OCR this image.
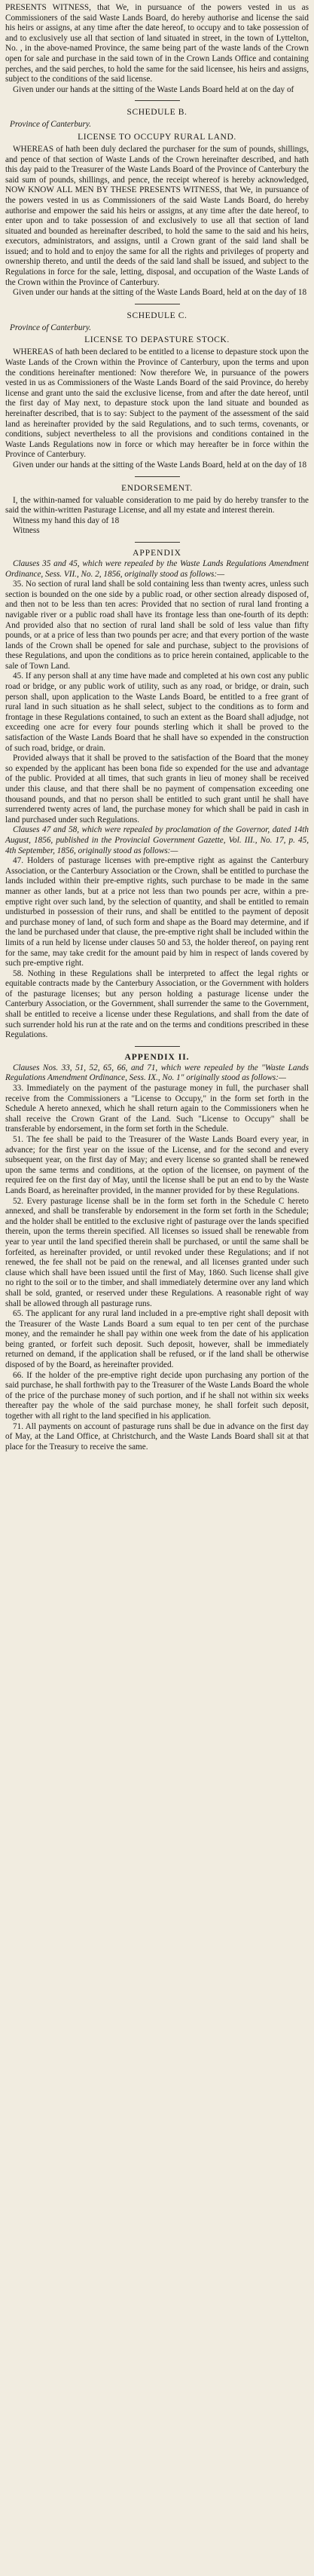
PRESENTS WITNESS, that We, in pursuance of the powers vested in us as Commissioners of the said Waste Lands Board, do hereby authorise and license the said his heirs or assigns, at any time after the date hereof, to occupy and to take possession of and to exclusively use all that section of land situated in street, in the town of Lyttelton, No. , in the above-named Province, the same being part of the waste lands of the Crown open for sale and purchase in the said town of in the Crown Lands Office and containing perches, and the said perches, to hold the same for the said licensee, his heirs and assigns, subject to the conditions of the said license.

Given under our hands at the sitting of the Waste Lands Board held at on the day of

SCHEDULE B.
Province of Canterbury.
LICENSE TO OCCUPY RURAL LAND.

WHEREAS of hath been duly declared the purchaser for the sum of pounds, shillings, and pence of that section of Waste Lands of the Crown hereinafter described, and hath this day paid to the Treasurer of the Waste Lands Board of the Province of Canterbury the said sum of pounds, shillings, and pence, the receipt whereof is hereby acknowledged, NOW KNOW ALL MEN BY THESE PRESENTS WITNESS, that We, in pursuance of the powers vested in us as Commissioners of the said Waste Lands Board, do hereby authorise and empower the said his heirs or assigns, at any time after the date hereof, to enter upon and to take possession of and exclusively to use all that section of land situated and bounded as hereinafter described, to hold the same to the said and his heirs, executors, administrators, and assigns, until a Crown grant of the said land shall be issued; and to hold and to enjoy the same for all the rights and privileges of property and ownership thereto, and until the deeds of the said land shall be issued, and subject to the Regulations in force for the sale, letting, disposal, and occupation of the Waste Lands of the Crown within the Province of Canterbury.

Given under our hands at the sitting of the Waste Lands Board, held at on the day of 18

SCHEDULE C.
Province of Canterbury.
LICENSE TO DEPASTURE STOCK.

WHEREAS of hath been declared to be entitled to a license to depasture stock upon the Waste Lands of the Crown within the Province of Canterbury, upon the terms and upon the conditions hereinafter mentioned: Now therefore We, in pursuance of the powers vested in us as Commissioners of the Waste Lands Board of the said Province, do hereby license and grant unto the said the exclusive license, from and after the date hereof, until the first day of May next, to depasture stock upon the land situate and bounded as hereinafter described, that is to say: Subject to the payment of the assessment of the said land as hereinafter provided by the said Regulations, and to such terms, covenants, or conditions, subject nevertheless to all the provisions and conditions contained in the Waste Lands Regulations now in force or which may hereafter be in force within the Province of Canterbury.

Given under our hands at the sitting of the Waste Lands Board, held at on the day of 18

ENDORSEMENT.

I, the within-named for valuable consideration to me paid by do hereby transfer to the said the within-written Pasturage License, and all my estate and interest therein.

Witness my hand this day of 18

Witness

APPENDIX

Clauses 35 and 45, which were repealed by the Waste Lands Regulations Amendment Ordinance, Sess. VII., No. 2, 1856, originally stood as follows:—

35. No section of rural land shall be sold containing less than twenty acres, unless such section is bounded on the one side by a public road, or other section already disposed of, and then not to be less than ten acres: Provided that no section of rural land fronting a navigable river or a public road shall have its frontage less than one-fourth of its depth: And provided also that no section of rural land shall be sold of less value than fifty pounds, or at a price of less than two pounds per acre; and that every portion of the waste lands of the Crown shall be opened for sale and purchase, subject to the provisions of these Regulations, and upon the conditions as to price herein contained, applicable to the sale of Town Land.

45. If any person shall at any time have made and completed at his own cost any public road or bridge, or any public work of utility, such as any road, or bridge, or drain, such person shall, upon application to the Waste Lands Board, be entitled to a free grant of rural land in such situation as he shall select, subject to the conditions as to form and frontage in these Regulations contained, to such an extent as the Board shall adjudge, not exceeding one acre for every four pounds sterling which it shall be proved to the satisfaction of the Waste Lands Board that he shall have so expended in the construction of such road, bridge, or drain.

Provided always that it shall be proved to the satisfaction of the Board that the money so expended by the applicant has been bona fide so expended for the use and advantage of the public. Provided at all times, that such grants in lieu of money shall be received under this clause, and that there shall be no payment of compensation exceeding one thousand pounds, and that no person shall be entitled to such grant until he shall have surrendered twenty acres of land, the purchase money for which shall be paid in cash in land purchased under such Regulations.

Clauses 47 and 58, which were repealed by proclamation of the Governor, dated 14th August, 1856, published in the Provincial Government Gazette, Vol. III., No. 17, p. 45, 4th September, 1856, originally stood as follows:—

47. Holders of pasturage licenses with pre-emptive right as against the Canterbury Association, or the Canterbury Association or the Crown, shall be entitled to purchase the lands included within their pre-emptive rights, such purchase to be made in the same manner as other lands, but at a price not less than two pounds per acre, within a pre-emptive right over such land, by the selection of quantity, and shall be entitled to remain undisturbed in possession of their runs, and shall be entitled to the payment of deposit and purchase money of land, of such form and shape as the Board may determine, and if the land be purchased under that clause, the pre-emptive right shall be included within the limits of a run held by license under clauses 50 and 53, the holder thereof, on paying rent for the same, may take credit for the amount paid by him in respect of lands covered by such pre-emptive right.

58. Nothing in these Regulations shall be interpreted to affect the legal rights or equitable contracts made by the Canterbury Association, or the Government with holders of the pasturage licenses; but any person holding a pasturage license under the Canterbury Association, or the Government, shall surrender the same to the Government, shall be entitled to receive a license under these Regulations, and shall from the date of such surrender hold his run at the rate and on the terms and conditions prescribed in these Regulations.

APPENDIX II.

Clauses Nos. 33, 51, 52, 65, 66, and 71, which were repealed by the "Waste Lands Regulations Amendment Ordinance, Sess. IX., No. 1" originally stood as follows:—

33. Immediately on the payment of the pasturage money in full, the purchaser shall receive from the Commissioners a "License to Occupy," in the form set forth in the Schedule A hereto annexed, which he shall return again to the Commissioners when he shall receive the Crown Grant of the Land. Such "License to Occupy" shall be transferable by endorsement, in the form set forth in the Schedule.

51. The fee shall be paid to the Treasurer of the Waste Lands Board every year, in advance; for the first year on the issue of the License, and for the second and every subsequent year, on the first day of May; and every license so granted shall be renewed upon the same terms and conditions, at the option of the licensee, on payment of the required fee on the first day of May, until the license shall be put an end to by the Waste Lands Board, as hereinafter provided, in the manner provided for by these Regulations.

52. Every pasturage license shall be in the form set forth in the Schedule C hereto annexed, and shall be transferable by endorsement in the form set forth in the Schedule; and the holder shall be entitled to the exclusive right of pasturage over the lands specified therein, upon the terms therein specified. All licenses so issued shall be renewable from year to year until the land specified therein shall be purchased, or until the same shall be forfeited, as hereinafter provided, or until revoked under these Regulations; and if not renewed, the fee shall not be paid on the renewal, and all licenses granted under such clause which shall have been issued until the first of May, 1860. Such license shall give no right to the soil or to the timber, and shall immediately determine over any land which shall be sold, granted, or reserved under these Regulations. A reasonable right of way shall be allowed through all pasturage runs.

65. The applicant for any rural land included in a pre-emptive right shall deposit with the Treasurer of the Waste Lands Board a sum equal to ten per cent of the purchase money, and the remainder he shall pay within one week from the date of his application being granted, or forfeit such deposit. Such deposit, however, shall be immediately returned on demand, if the application shall be refused, or if the land shall be otherwise disposed of by the Board, as hereinafter provided.

66. If the holder of the pre-emptive right decide upon purchasing any portion of the said purchase, he shall forthwith pay to the Treasurer of the Waste Lands Board the whole of the price of the purchase money of such portion, and if he shall not within six weeks thereafter pay the whole of the said purchase money, he shall forfeit such deposit, together with all right to the land specified in his application.

71. All payments on account of pasturage runs shall be due in advance on the first day of May, at the Land Office, at Christchurch, and the Waste Lands Board shall sit at that place for the Treasury to receive the same.
